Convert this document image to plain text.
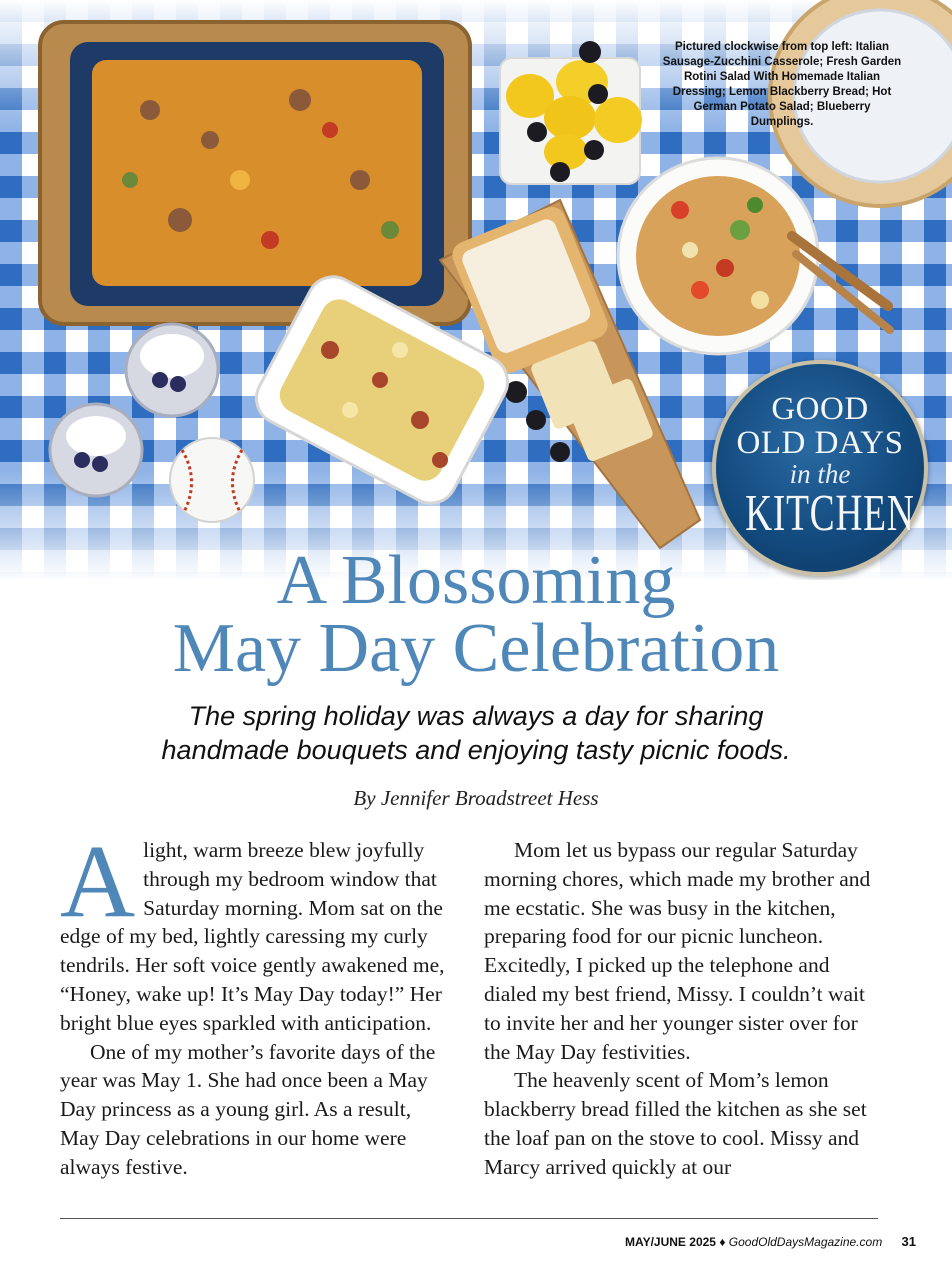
Pictured clockwise from top left: Italian Sausage-Zucchini Casserole; Fresh Garden Rotini Salad With Homemade Italian Dressing; Lemon Blackberry Bread; Hot German Potato Salad; Blueberry Dumplings.
GOOD
OLD DAYS
in the
KITCHEN
A Blossoming
May Day Celebration
The spring holiday was always a day for sharing
handmade bouquets and enjoying tasty picnic foods.
By Jennifer Broadstreet Hess

Alight, warm breeze blew joyfully through my bedroom window that Saturday morning. Mom sat on the edge of my bed, lightly caressing my curly tendrils. Her soft voice gently awakened me, “Honey, wake up! It’s May Day today!” Her bright blue eyes sparkled with anticipation.

One of my mother’s favorite days of the year was May 1. She had once been a May Day princess as a young girl. As a result, May Day celebrations in our home were always festive.

Mom let us bypass our regular Saturday morning chores, which made my brother and me ecstatic. She was busy in the kitchen, preparing food for our picnic luncheon. Excitedly, I picked up the telephone and dialed my best friend, Missy. I couldn’t wait to invite her and her younger sister over for the May Day festivities.

The heavenly scent of Mom’s lemon blackberry bread filled the kitchen as she set the loaf pan on the stove to cool. Missy and Marcy arrived quickly at our

MAY/JUNE 2025 ♦ GoodOldDaysMagazine.com 31
